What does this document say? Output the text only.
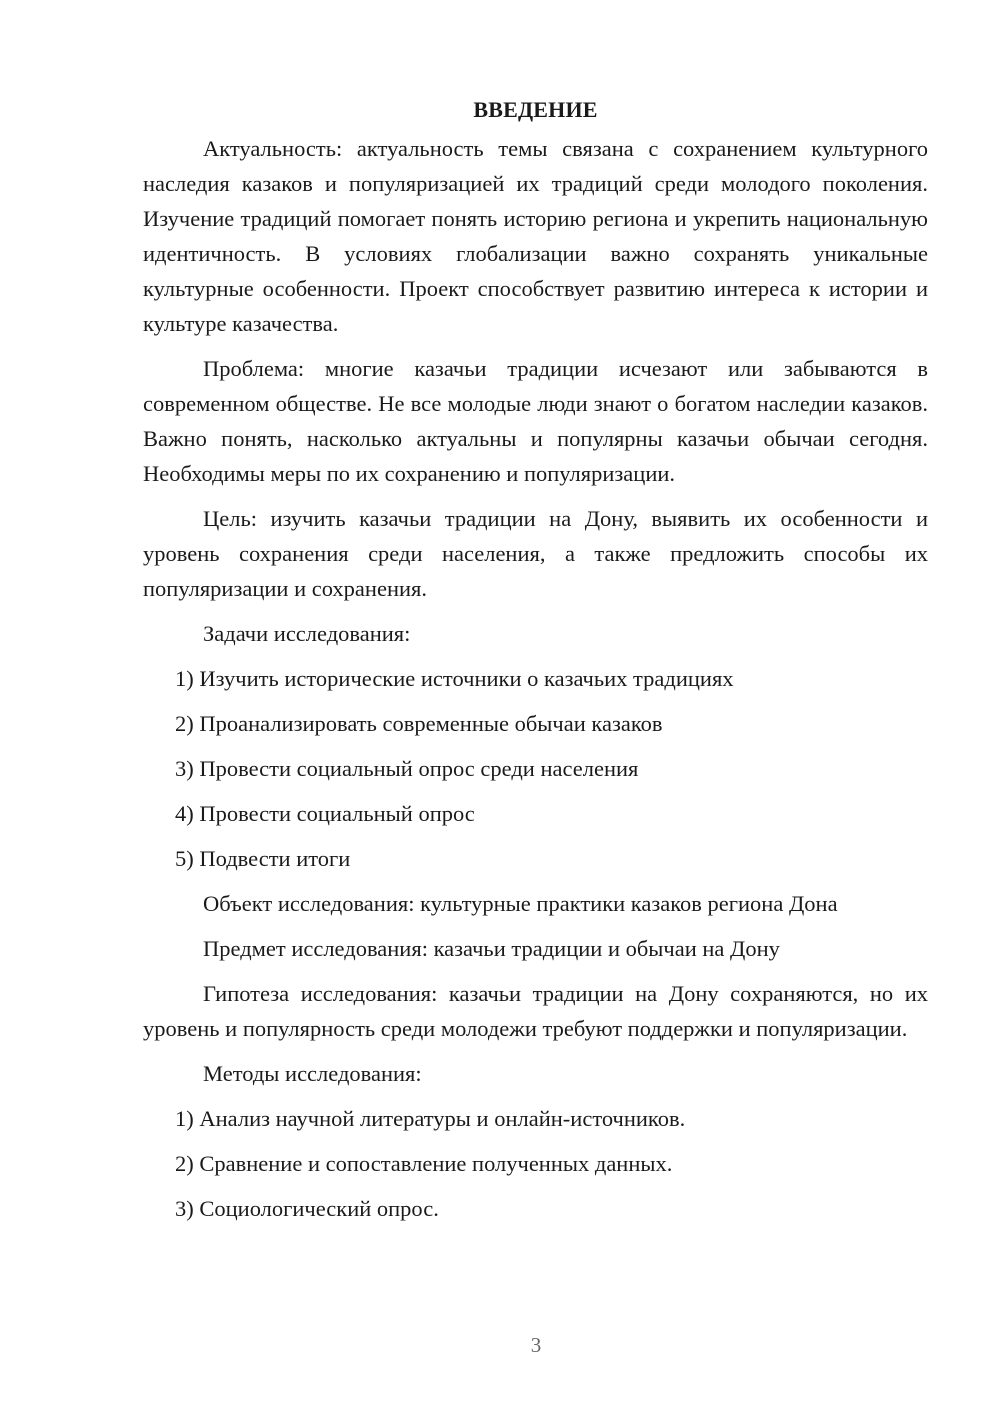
ВВЕДЕНИЕ

Актуальность: актуальность темы связана с сохранением культурного наследия казаков и популяризацией их традиций среди молодого поколения. Изучение традиций помогает понять историю региона и укрепить национальную идентичность. В условиях глобализации важно сохранять уникальные культурные особенности. Проект способствует развитию интереса к истории и культуре казачества.

Проблема: многие казачьи традиции исчезают или забываются в современном обществе. Не все молодые люди знают о богатом наследии казаков. Важно понять, насколько актуальны и популярны казачьи обычаи сегодня. Необходимы меры по их сохранению и популяризации.

Цель: изучить казачьи традиции на Дону, выявить их особенности и уровень сохранения среди населения, а также предложить способы их популяризации и сохранения.

Задачи исследования:

1) Изучить исторические источники о казачьих традициях

2) Проанализировать современные обычаи казаков

3) Провести социальный опрос среди населения

4) Провести социальный опрос

5) Подвести итоги

Объект исследования: культурные практики казаков региона Дона

Предмет исследования: казачьи традиции и обычаи на Дону

Гипотеза исследования: казачьи традиции на Дону сохраняются, но их уровень и популярность среди молодежи требуют поддержки и популяризации.

Методы исследования:

1) Анализ научной литературы и онлайн-источников.

2) Сравнение и сопоставление полученных данных.

3) Социологический опрос.

3
